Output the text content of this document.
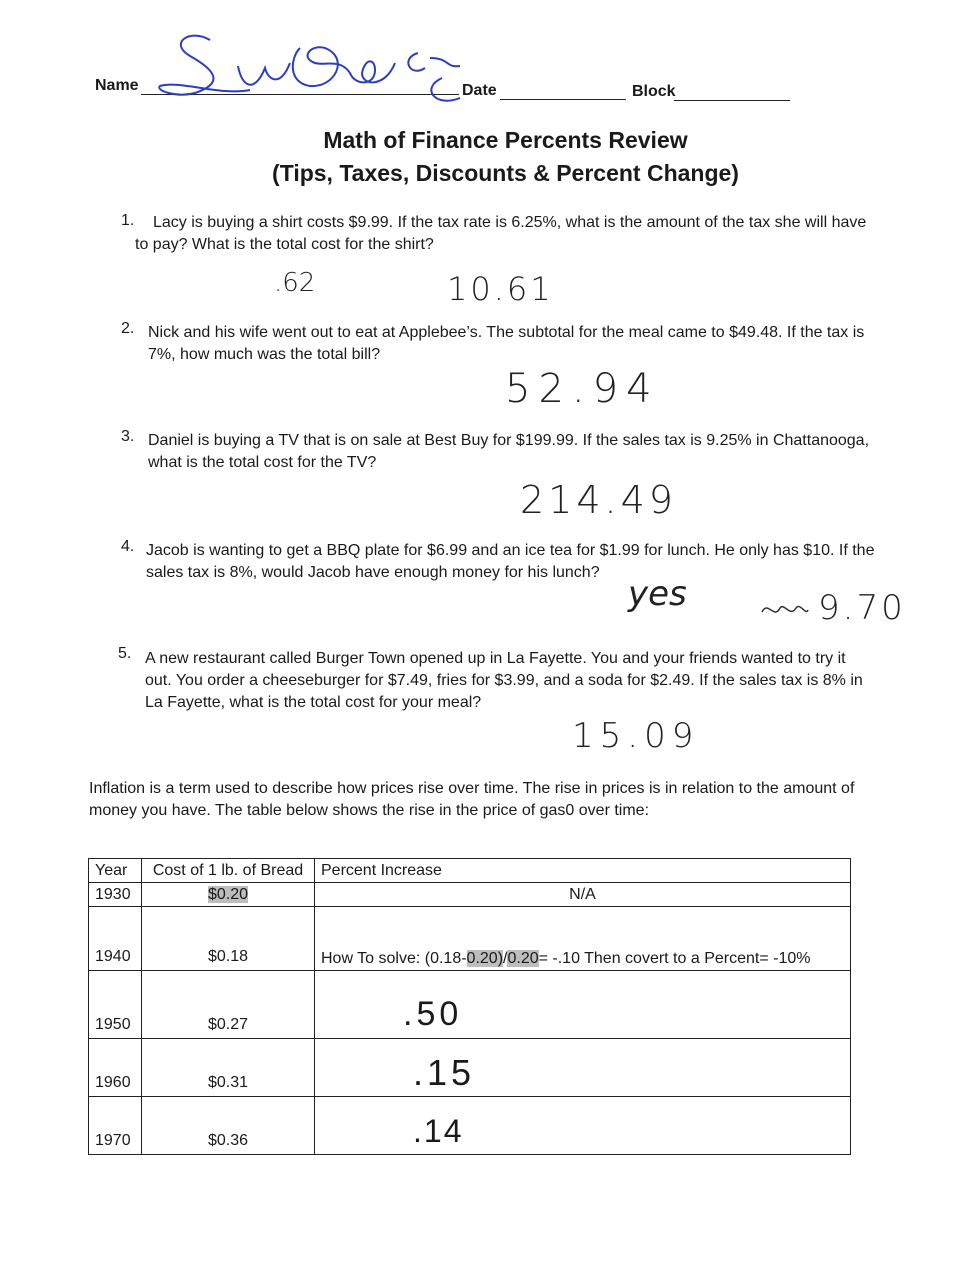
Name	Date	Block
Math of Finance Percents Review
(Tips, Taxes, Discounts & Percent Change)
1. Lacy is buying a shirt costs $9.99. If the tax rate is 6.25%, what is the amount of the tax she will have
to pay? What is the total cost for the shirt?
.62	10.61
2. Nick and his wife went out to eat at Applebee’s. The subtotal for the meal came to $49.48. If the tax is
7%, how much was the total bill?
52.94
3. Daniel is buying a TV that is on sale at Best Buy for $199.99. If the sales tax is 9.25% in Chattanooga,
what is the total cost for the TV?
214.49
4. Jacob is wanting to get a BBQ plate for $6.99 and an ice tea for $1.99 for lunch. He only has $10. If the
sales tax is 8%, would Jacob have enough money for his lunch?
yes	9.70
5. A new restaurant called Burger Town opened up in La Fayette. You and your friends wanted to try it
out. You order a cheeseburger for $7.49, fries for $3.99, and a soda for $2.49. If the sales tax is 8% in
La Fayette, what is the total cost for your meal?
15.09
Inflation is a term used to describe how prices rise over time. The rise in prices is in relation to the amount of
money you have. The table below shows the rise in the price of gas0 over time:
Year	Cost of 1 lb. of Bread	Percent Increase
1930	$0.20	N/A
1940	$0.18	How To solve: (0.18-0.20)/0.20= -.10 Then covert to a Percent= -10%
1950	$0.27	.50
1960	$0.31	.15
1970	$0.36	.14
